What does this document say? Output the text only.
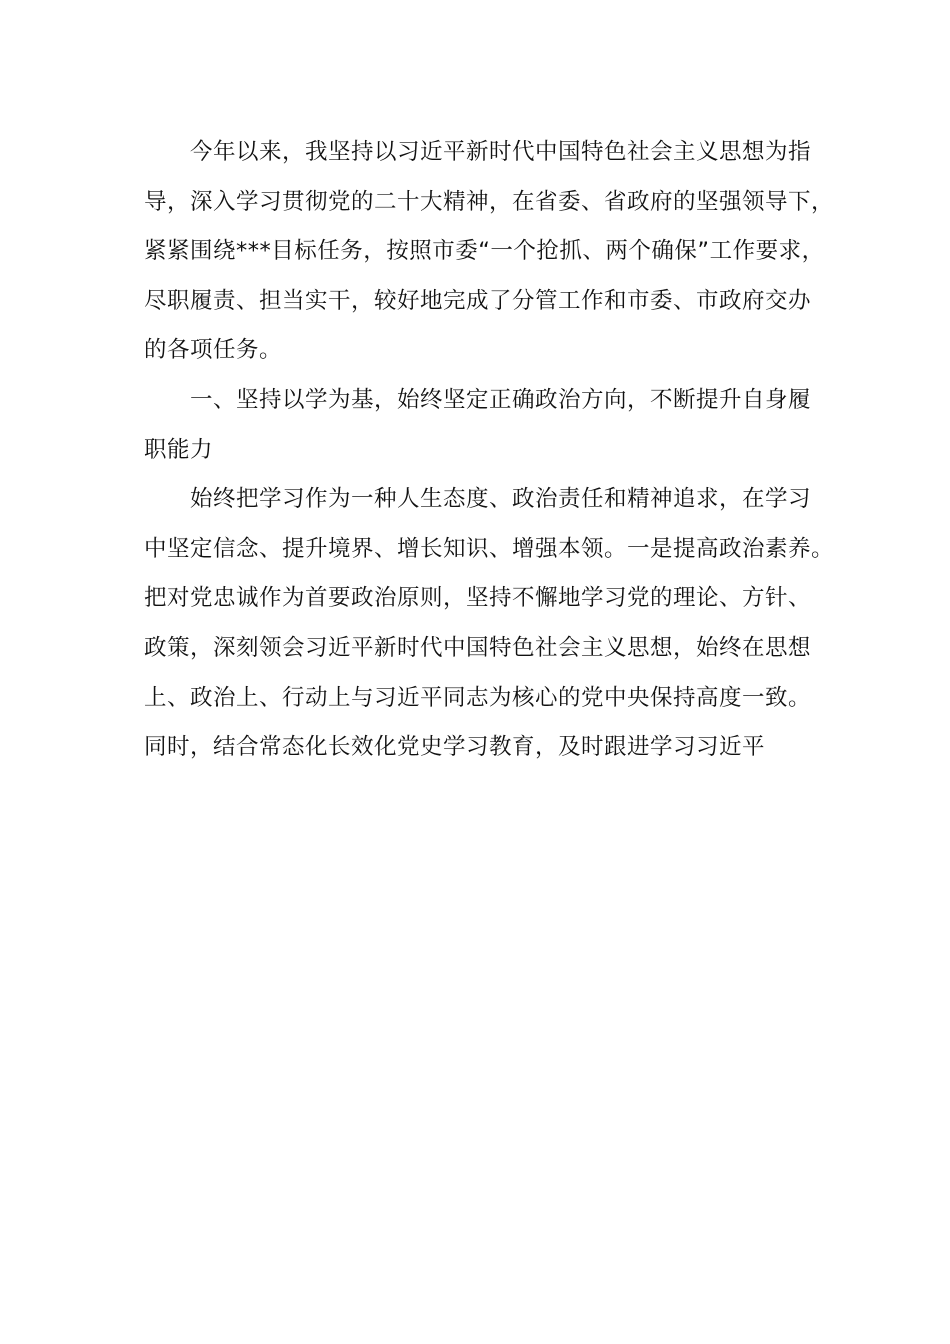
今年以来，我坚持以习近平新时代中国特色社会主义思想为指
导，深入学习贯彻党的二十大精神，在省委、省政府的坚强领导下，
紧紧围绕***目标任务，按照市委“一个抢抓、两个确保”工作要求，
尽职履责、担当实干，较好地完成了分管工作和市委、市政府交办
的各项任务。
一、坚持以学为基，始终坚定正确政治方向，不断提升自身履
职能力
始终把学习作为一种人生态度、政治责任和精神追求，在学习
中坚定信念、提升境界、增长知识、增强本领。一是提高政治素养。
把对党忠诚作为首要政治原则，坚持不懈地学习党的理论、方针、
政策，深刻领会习近平新时代中国特色社会主义思想，始终在思想
上、政治上、行动上与习近平同志为核心的党中央保持高度一致。
同时，结合常态化长效化党史学习教育，及时跟进学习习近平
